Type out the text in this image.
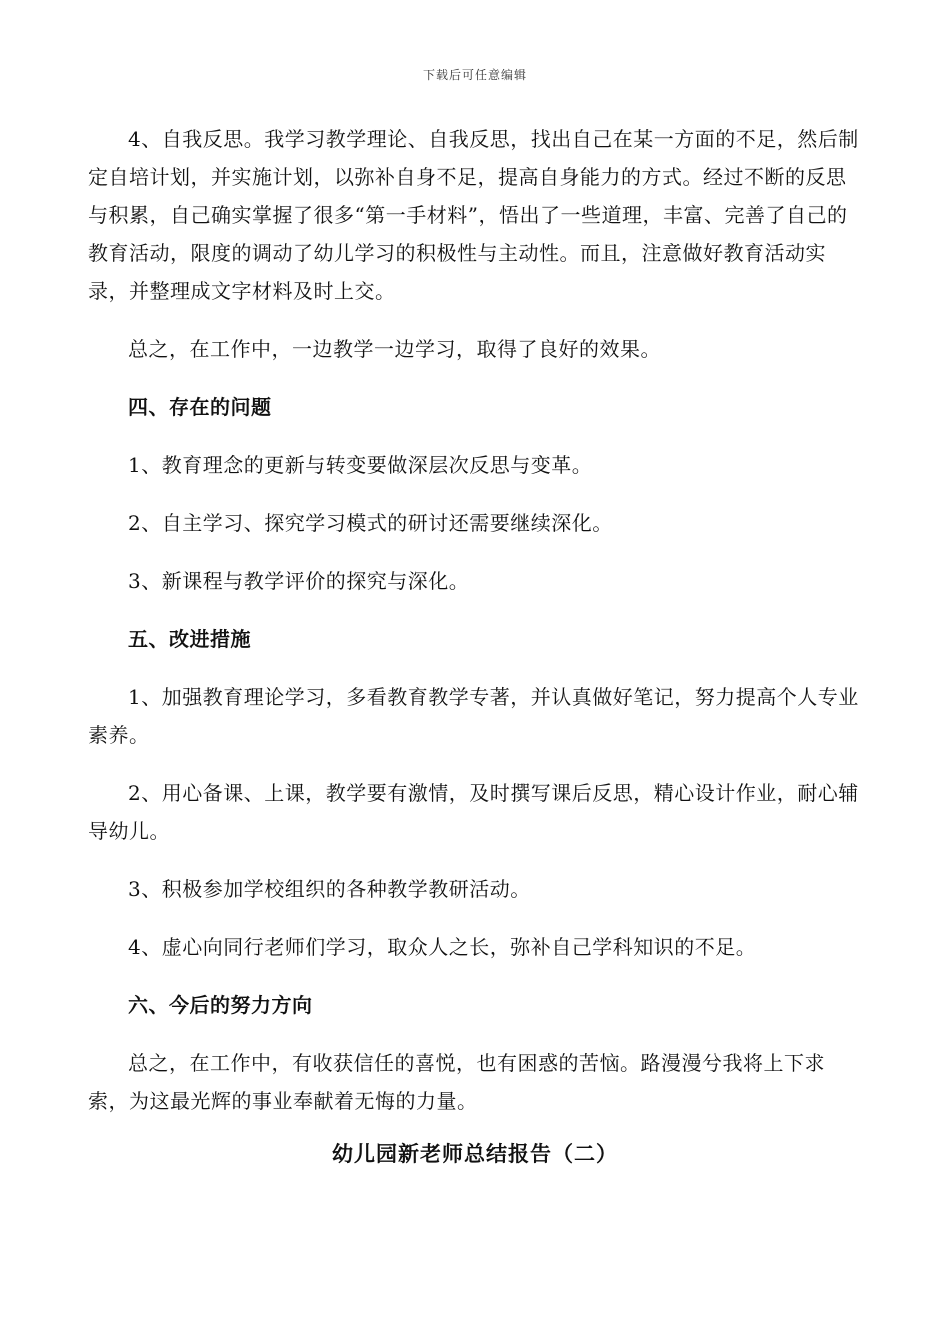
下载后可任意编辑

4、自我反思。我学习教学理论、自我反思，找出自己在某一方面的不足，然后制定自培计划，并实施计划，以弥补自身不足，提高自身能力的方式。经过不断的反思与积累，自己确实掌握了很多“第一手材料”，悟出了一些道理，丰富、完善了自己的教育活动，限度的调动了幼儿学习的积极性与主动性。而且，注意做好教育活动实录，并整理成文字材料及时上交。

总之，在工作中，一边教学一边学习，取得了良好的效果。

四、存在的问题

1、教育理念的更新与转变要做深层次反思与变革。

2、自主学习、探究学习模式的研讨还需要继续深化。

3、新课程与教学评价的探究与深化。

五、改进措施

1、加强教育理论学习，多看教育教学专著，并认真做好笔记，努力提高个人专业素养。

2、用心备课、上课，教学要有激情，及时撰写课后反思，精心设计作业，耐心辅导幼儿。

3、积极参加学校组织的各种教学教研活动。

4、虚心向同行老师们学习，取众人之长，弥补自己学科知识的不足。

六、今后的努力方向

总之，在工作中，有收获信任的喜悦，也有困惑的苦恼。路漫漫兮我将上下求索，为这最光辉的事业奉献着无悔的力量。

幼儿园新老师总结报告（二）
